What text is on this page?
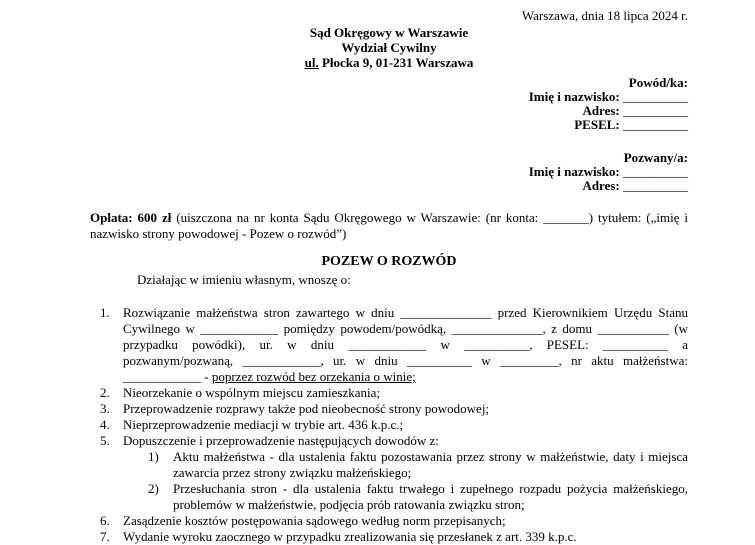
Warszawa, dnia 18 lipca 2024 r.
Sąd Okręgowy w Warszawie
Wydział Cywilny
ul. Płocka 9, 01-231 Warszawa
Powód/ka:
Imię i nazwisko: __________
Adres: __________
PESEL: __________
Pozwany/a:
Imię i nazwisko: __________
Adres: __________
Opłata: 600 zł (uiszczona na nr konta Sądu Okręgowego w Warszawie: (nr konta: _______) tytułem: („imię i nazwisko strony powodowej - Pozew o rozwód”)
POZEW O ROZWÓD
Działając w imieniu własnym, wnoszę o:
1.	Rozwiązanie małżeństwa stron zawartego w dniu ______________ przed Kierownikiem Urzędu Stanu Cywilnego w ____________ pomiędzy powodem/powódką, ______________, z domu ___________ (w przypadku powódki), ur. w dniu ____________ w __________, PESEL: __________ a pozwanym/pozwaną, ____________, ur. w dniu __________ w _________, nr aktu małżeństwa: ____________ - poprzez rozwód bez orzekania o winie;
2.	Nieorzekanie o wspólnym miejscu zamieszkania;
3.	Przeprowadzenie rozprawy także pod nieobecność strony powodowej;
4.	Nieprzeprowadzenie mediacji w trybie art. 436 k.p.c.;
5.	Dopuszczenie i przeprowadzenie następujących dowodów z:
1)	Aktu małżeństwa - dla ustalenia faktu pozostawania przez strony w małżeństwie, daty i miejsca zawarcia przez strony związku małżeńskiego;
2)	Przesłuchania stron - dla ustalenia faktu trwałego i zupełnego rozpadu pożycia małżeńskiego, problemów w małżeństwie, podjęcia prób ratowania związku stron;
6.	Zasądzenie kosztów postępowania sądowego według norm przepisanych;
7.	Wydanie wyroku zaocznego w przypadku zrealizowania się przesłanek z art. 339 k.p.c.
